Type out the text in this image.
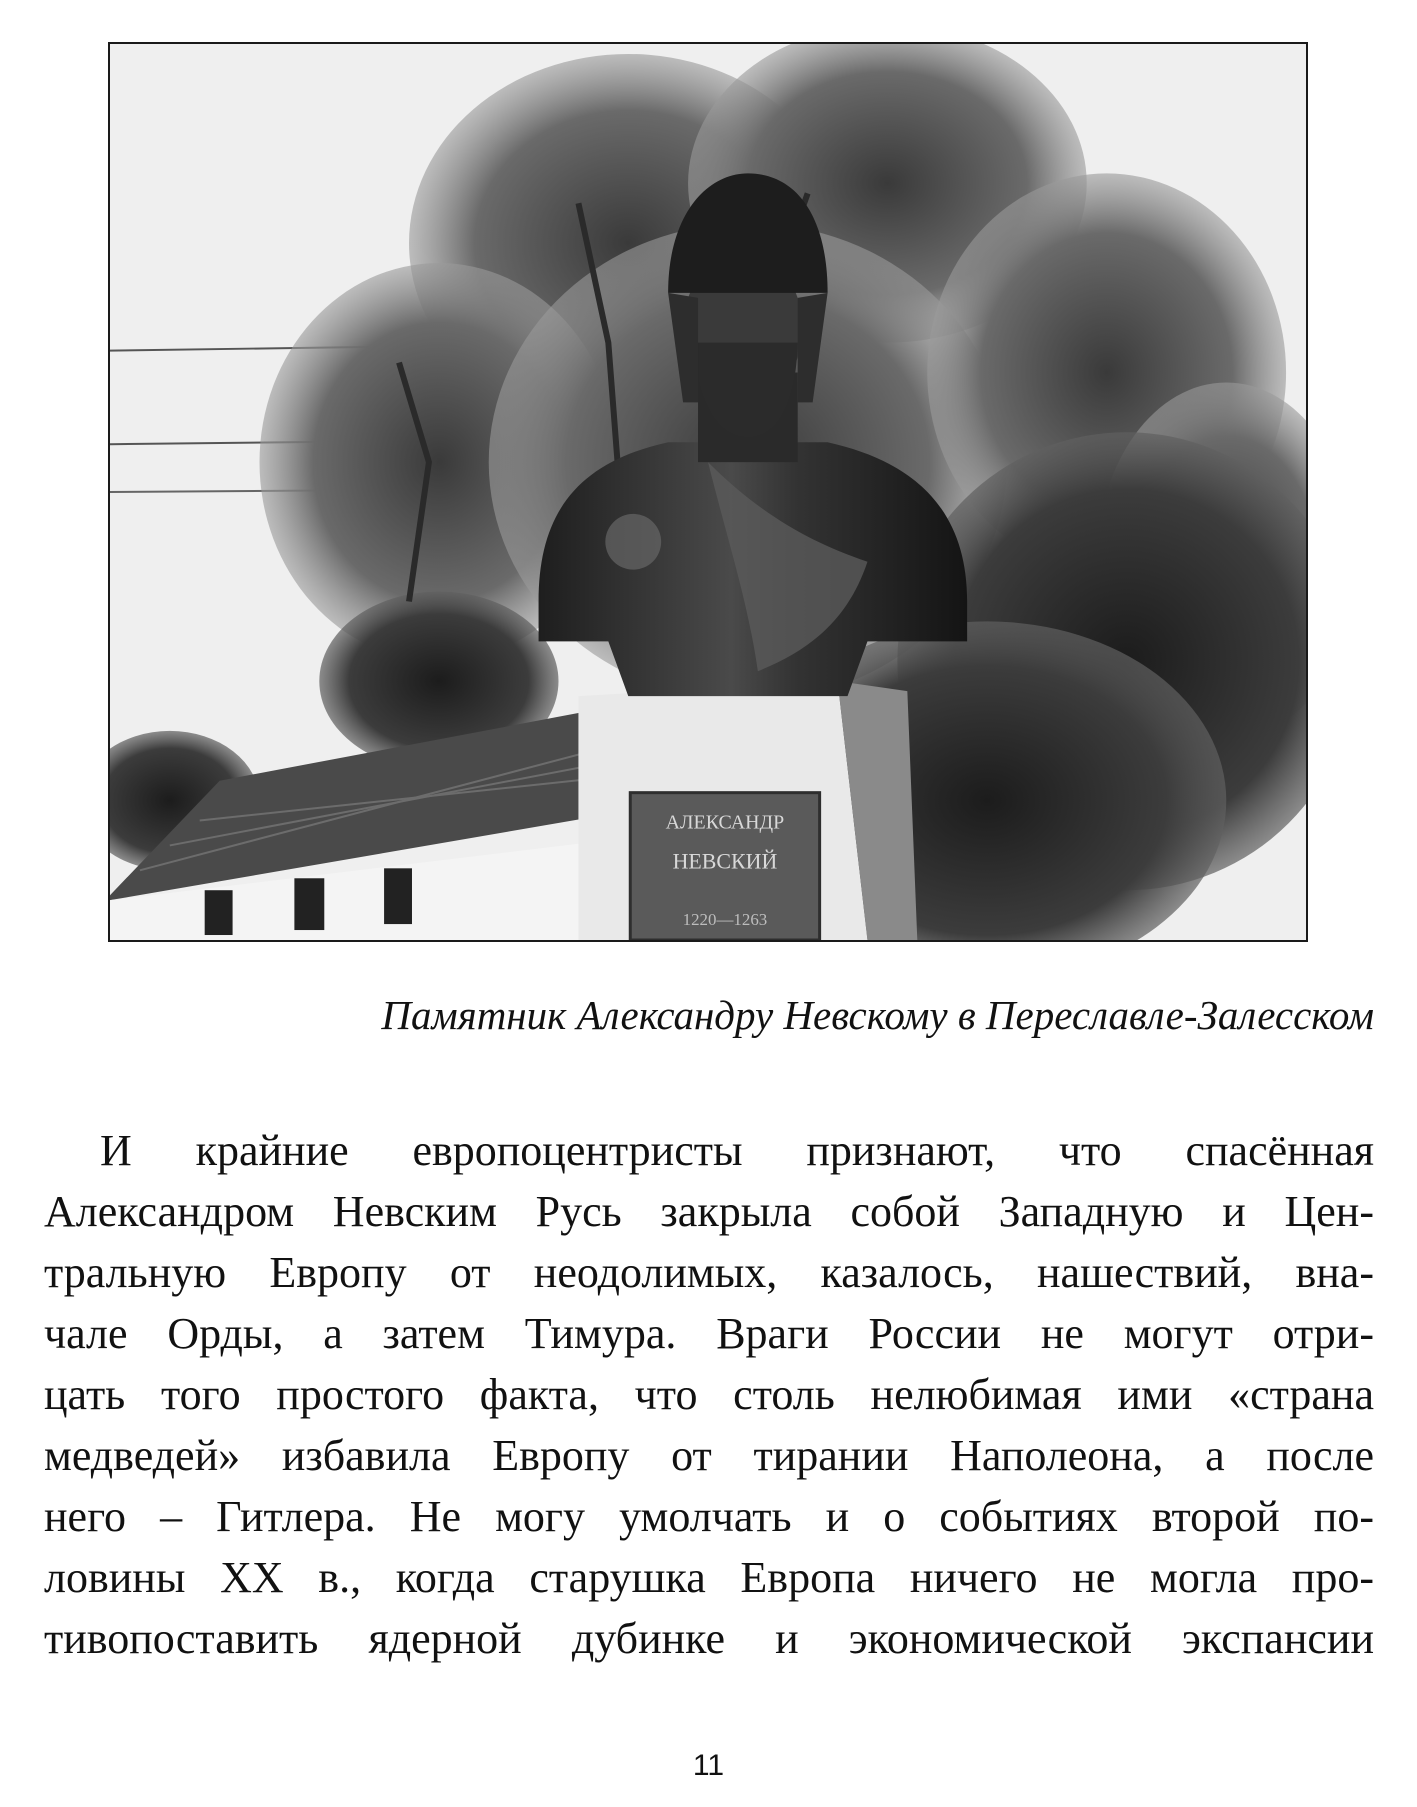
АЛЕКСАНДР
НЕВСКИЙ
1220—1263

Памятник Александру Невскому в Переславле-Залесском

И крайние европоцентристы признают, что спасённая
Александром Невским Русь закрыла собой Западную и Цен-
тральную Европу от неодолимых, казалось, нашествий, вна-
чале Орды, а затем Тимура. Враги России не могут отри-
цать того простого факта, что столь нелюбимая ими «страна
медведей» избавила Европу от тирании Наполеона, а после
него – Гитлера. Не могу умолчать и о событиях второй по-
ловины XX в., когда старушка Европа ничего не могла про-
тивопоставить ядерной дубинке и экономической экспансии

11
